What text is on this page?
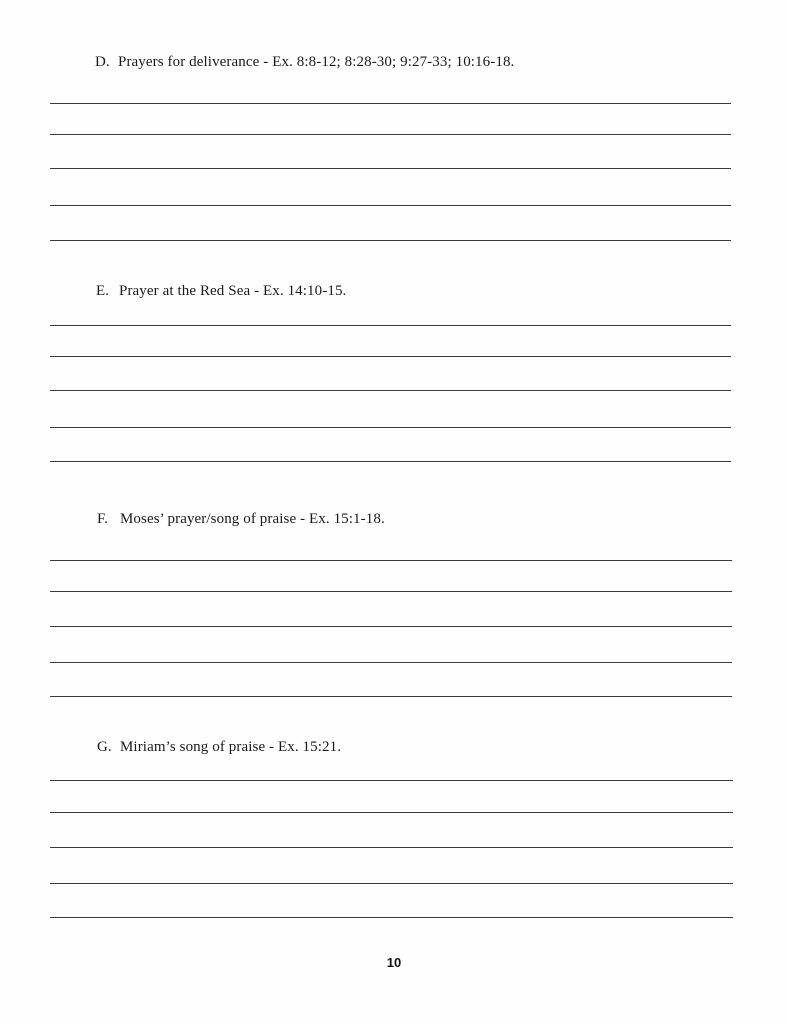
D. Prayers for deliverance - Ex. 8:8-12; 8:28-30; 9:27-33; 10:16-18.
E. Prayer at the Red Sea - Ex. 14:10-15.
F. Moses’ prayer/song of praise - Ex. 15:1-18.
G. Miriam’s song of praise - Ex. 15:21.
10
